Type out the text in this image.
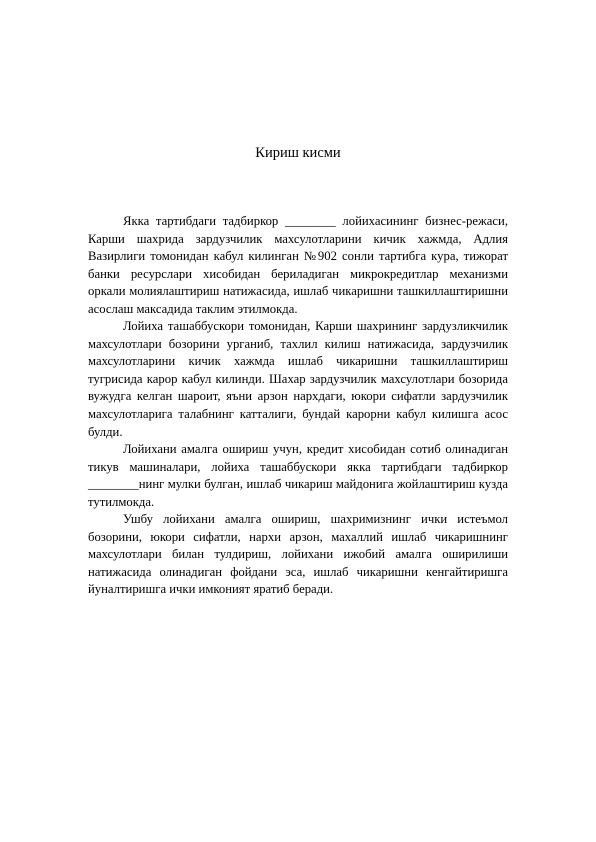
Кириш кисми

Якка тартибдаги тадбиркор ________ лойихасининг бизнес-режаси, Карши шахрида зардузчилик махсулотларини кичик хажмда, Адлия Вазирлиги томонидан кабул килинган №902 сонли тартибга кура, тижорат банки ресурслари хисобидан бериладиган микрокредитлар механизми оркали молиялаштириш натижасида, ишлаб чикаришни ташкиллаштиришни асослаш максадида таклим этилмокда.

Лойиха ташаббускори томонидан, Карши шахрининг зардузликчилик махсулотлари бозорини урганиб, тахлил килиш натижасида, зардузчилик махсулотларини кичик хажмда ишлаб чикаришни ташкиллаштириш тугрисида карор кабул килинди. Шахар зардузчилик махсулотлари бозорида вужудга келган шароит, яъни арзон нархдаги, юкори сифатли зардузчилик махсулотларига талабнинг катталиги, бундай карорни кабул килишга асос булди.

Лойихани амалга ошириш учун, кредит хисобидан сотиб олинадиган тикув машиналари, лойиха ташаббускори якка тартибдаги тадбиркор ________нинг мулки булган, ишлаб чикариш майдонига жойлаштириш кузда тутилмокда.

Ушбу лойихани амалга ошириш, шахримизнинг ички истеъмол бозорини, юкори сифатли, нархи арзон, махаллий ишлаб чикаришнинг махсулотлари билан тулдириш, лойихани ижобий амалга оширилиши натижасида олинадиган фойдани эса, ишлаб чикаришни кенгайтиришга йуналтиришга ички имконият яратиб беради.
